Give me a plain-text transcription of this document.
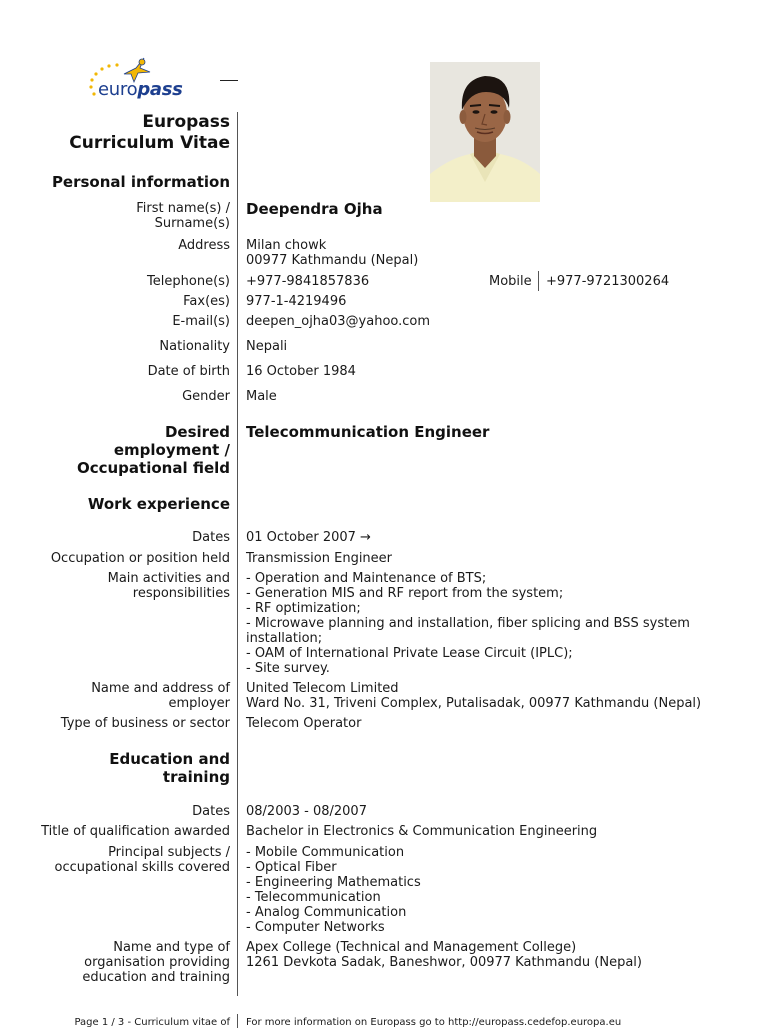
europass
Europass
Curriculum Vitae
Personal information
First name(s) /
Surname(s)
Deependra Ojha
Address Milan chowk
00977 Kathmandu (Nepal)
Telephone(s) +977-9841857836	Mobile +977-9721300264
Fax(es) 977-1-4219496
E-mail(s) deepen_ojha03@yahoo.com
Nationality Nepali
Date of birth 16 October 1984
Gender Male
Desired
employment /
Occupational field
Telecommunication Engineer
Work experience
Dates 01 October 2007 →
Occupation or position held Transmission Engineer
Main activities and
responsibilities
- Operation and Maintenance of BTS;
- Generation MIS and RF report from the system;
- RF optimization;
- Microwave planning and installation, fiber splicing and BSS system
installation;
- OAM of International Private Lease Circuit (IPLC);
- Site survey.
Name and address of
employer
United Telecom Limited
Ward No. 31, Triveni Complex, Putalisadak, 00977 Kathmandu (Nepal)
Type of business or sector Telecom Operator
Education and
training
Dates 08/2003 - 08/2007
Title of qualification awarded Bachelor in Electronics & Communication Engineering
Principal subjects /
occupational skills covered
- Mobile Communication
- Optical Fiber
- Engineering Mathematics
- Telecommunication
- Analog Communication
- Computer Networks
Name and type of
organisation providing
education and training
Apex College (Technical and Management College)
1261 Devkota Sadak, Baneshwor, 00977 Kathmandu (Nepal)
Page 1 / 3 - Curriculum vitae of For more information on Europass go to http://europass.cedefop.europa.eu
